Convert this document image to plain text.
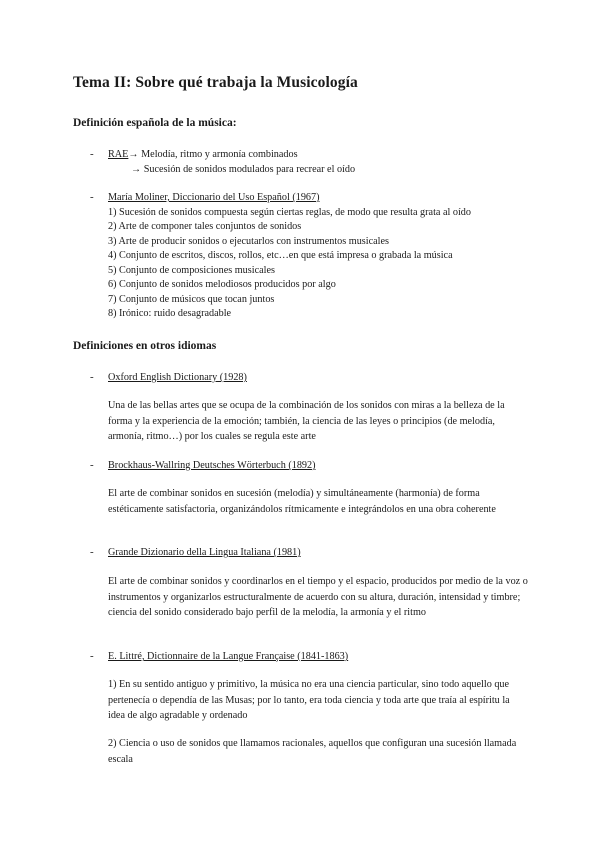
Tema II: Sobre qué trabaja la Musicología
Definición española de la música:
- RAE→ Melodía, ritmo y armonía combinados
→ Sucesión de sonidos modulados para recrear el oído
- María Moliner, Diccionario del Uso Español (1967)
1) Sucesión de sonidos compuesta según ciertas reglas, de modo que resulta grata al oído
2) Arte de componer tales conjuntos de sonidos
3) Arte de producir sonidos o ejecutarlos con instrumentos musicales
4) Conjunto de escritos, discos, rollos, etc…en que está impresa o grabada la música
5) Conjunto de composiciones musicales
6) Conjunto de sonidos melodiosos producidos por algo
7) Conjunto de músicos que tocan juntos
8) Irónico: ruido desagradable
Definiciones en otros idiomas
- Oxford English Dictionary (1928)

Una de las bellas artes que se ocupa de la combinación de los sonidos con miras a la belleza de la forma y la experiencia de la emoción; también, la ciencia de las leyes o principios (de melodía, armonía, ritmo…) por los cuales se regula este arte

- Brockhaus-Wallring Deutsches Wörterbuch (1892)

El arte de combinar sonidos en sucesión (melodía) y simultáneamente (harmonía) de forma estéticamente satisfactoria, organizándolos rítmicamente e integrándolos en una obra coherente

- Grande Dizionario della Lingua Italiana (1981)

El arte de combinar sonidos y coordinarlos en el tiempo y el espacio, producidos por medio de la voz o instrumentos y organizarlos estructuralmente de acuerdo con su altura, duración, intensidad y timbre; ciencia del sonido considerado bajo perfil de la melodía, la armonía y el ritmo

- E. Littré, Dictionnaire de la Langue Française (1841-1863)

1) En su sentido antiguo y primitivo, la música no era una ciencia particular, sino todo aquello que pertenecía o dependía de las Musas; por lo tanto, era toda ciencia y toda arte que traía al espíritu la idea de algo agradable y ordenado

2) Ciencia o uso de sonidos que llamamos racionales, aquellos que configuran una sucesión llamada escala
